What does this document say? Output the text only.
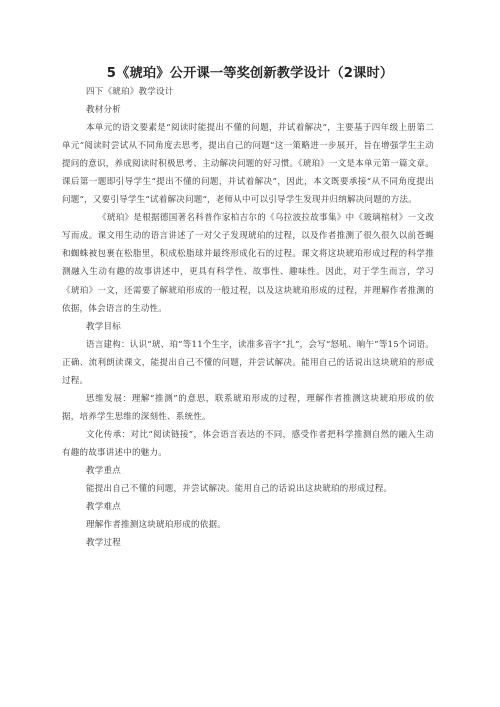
5《琥珀》公开课一等奖创新教学设计（2课时）

四下《琥珀》教学设计

教材分析

本单元的语文要素是“阅读时能提出不懂的问题，并试着解决“，主要基于四年级上册第二单元”阅读时尝试从不同角度去思考，提出自己的问题”这一策略进一步展开，旨在增强学生主动提问的意识，养成阅读时积极思考、主动解决问题的好习惯。《琥珀》一文是本单元第一篇文章。课后第一题即引导学生“提出不懂的问题，并试着解决”，因此，本文既要承接“从不同角度提出问题“，又要引导学生“试着解决问题“，老师从中可以引导学生发现并归纳解决问题的方法。

《琥珀》是根据德国著名科普作家柏吉尔的《乌拉波拉故事集》中《玻璃棺材》一文改写而成。课文用生动的语言讲述了一对父子发现琥珀的过程，以及作者推测了很久很久以前苍蝇和蜘蛛被包裹在松脂里，积成松脂球并最终形成化石的过程。课文将这块琥珀形成过程的科学推测融入生动有趣的故事讲述中，更具有科学性、故事性、趣味性。因此，对于学生而言，学习《琥珀》一文，还需要了解琥珀形成的一般过程，以及这块琥珀形成的过程，并理解作者推测的依据，体会语言的生动性。

教学目标

语言建构：认识“琥、珀”等11个生字，读准多音字“扎”，会写“怒吼、晌午”等15个词语。正确、流利朗读课文，能提出自己不懂的问题，并尝试解决。能用自己的话说出这块琥珀的形成过程。

思维发展：理解“推测”的意思，联系琥珀形成的过程，理解作者推测这块琥珀形成的依据，培养学生思维的深刻性、系统性。

文化传承：对比“阅读链接”，体会语言表达的不同，感受作者把科学推测自然的融入生动有趣的故事讲述中的魅力。

教学重点

能提出自己不懂的问题，并尝试解决。能用自己的话说出这块琥珀的形成过程。

教学难点

理解作者推测这块琥珀形成的依据。

教学过程
